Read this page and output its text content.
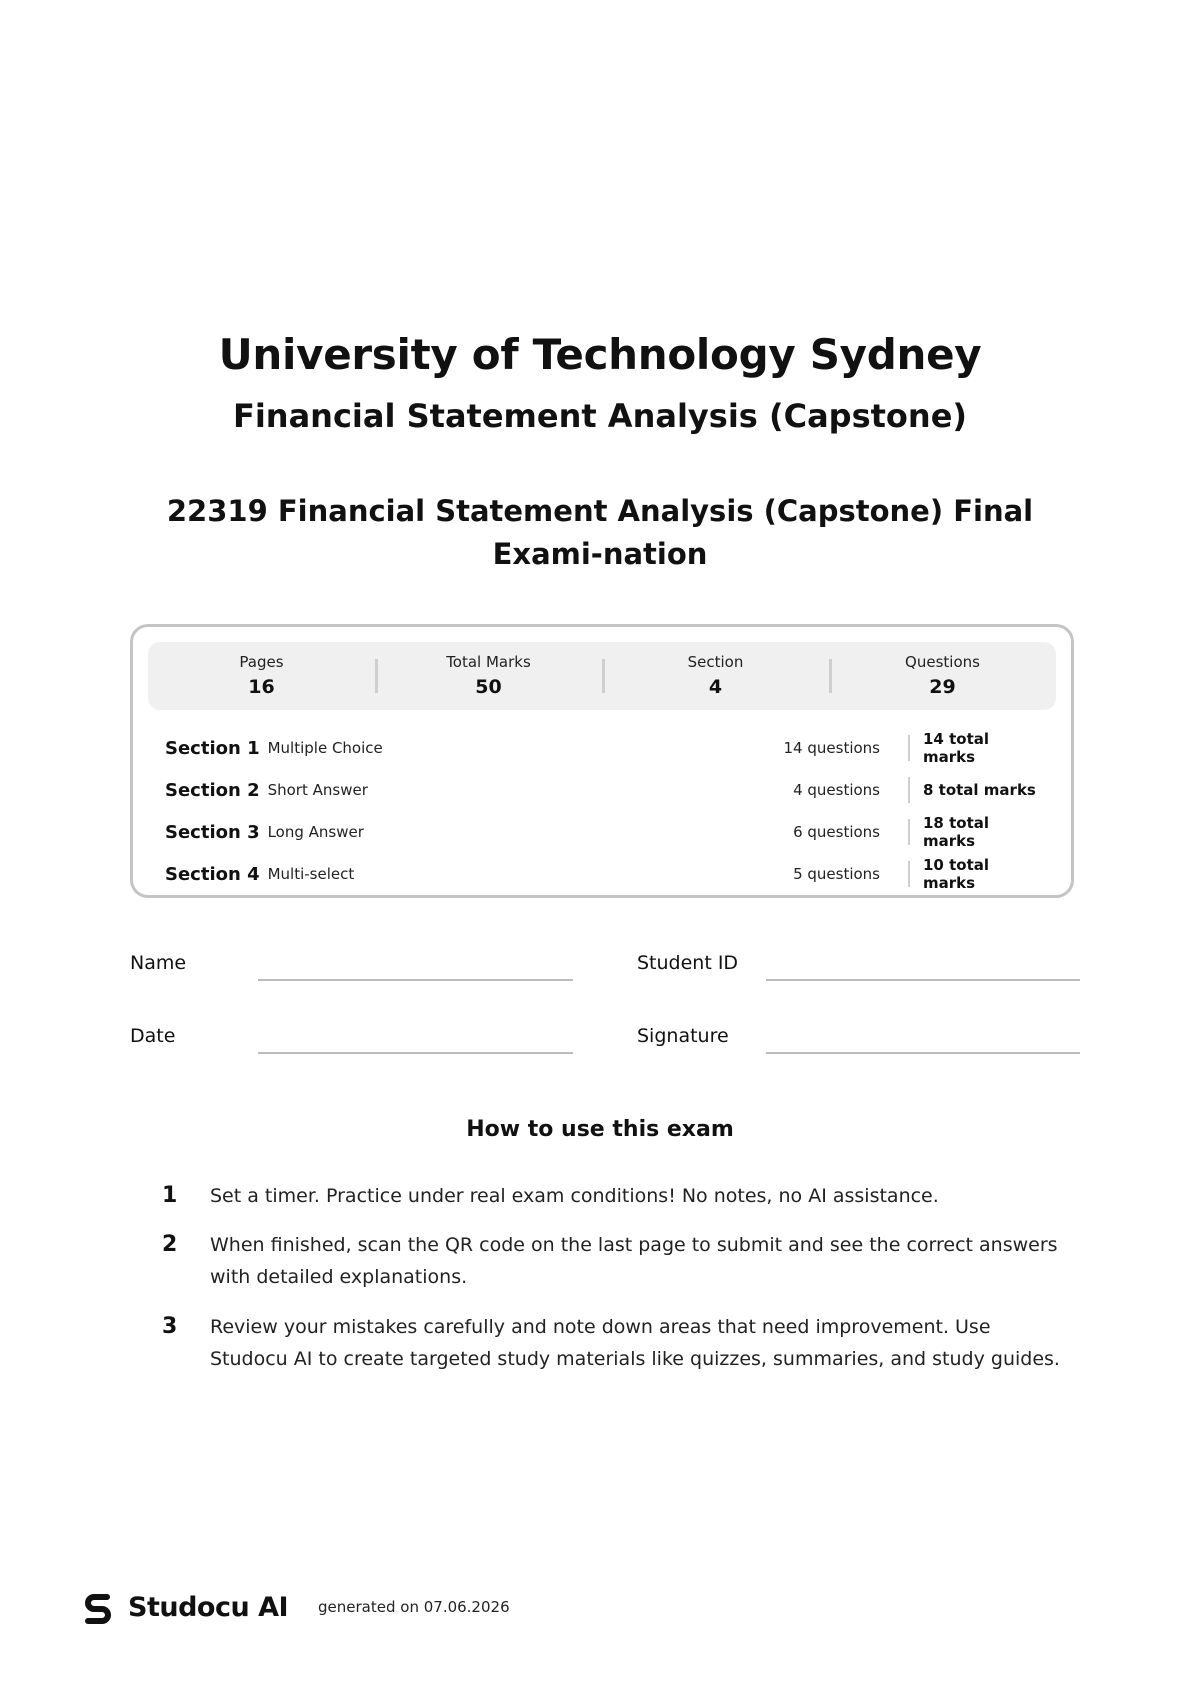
University of Technology Sydney
Financial Statement Analysis (Capstone)
22319 Financial Statement Analysis (Capstone) Final Exami-nation
Pages
16
Total Marks
50
Section
4
Questions
29
Section 1 Multiple Choice	14 questions	14 total marks
Section 2 Short Answer	4 questions	8 total marks
Section 3 Long Answer	6 questions	18 total marks
Section 4 Multi-select	5 questions	10 total marks
Name	Student ID
Date	Signature
How to use this exam
1	Set a timer. Practice under real exam conditions! No notes, no AI assistance.
2	When finished, scan the QR code on the last page to submit and see the correct answers with detailed explanations.
3	Review your mistakes carefully and note down areas that need improvement. Use Studocu AI to create targeted study materials like quizzes, summaries, and study guides.
Studocu AI generated on 07.06.2026
